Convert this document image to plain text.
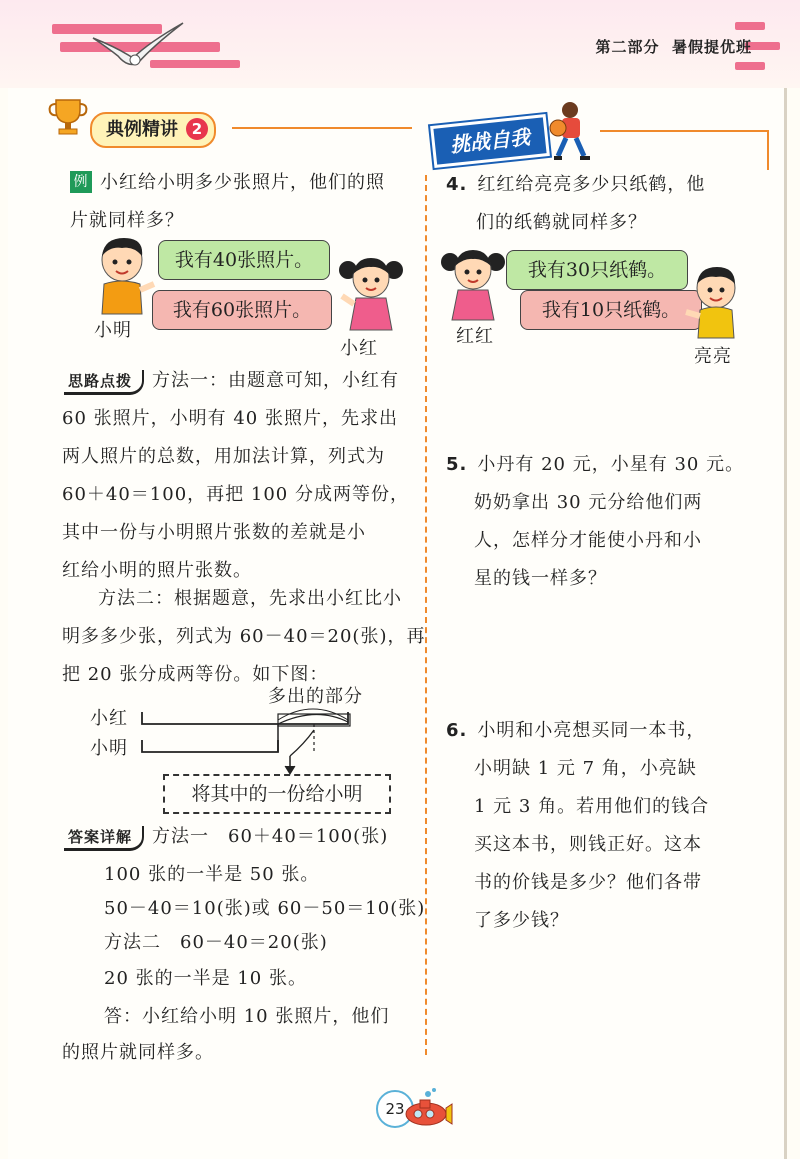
第二部分 暑假提优班
典例精讲 2	挑战自我
例 小红给小明多少张照片，他们的照
片就同样多？
我有40张照片。
我有60张照片。
小明
小红
思路点拨 方法一：由题意可知，小红有
60 张照片，小明有 40 张照片，先求出
两人照片的总数，用加法计算，列式为
60＋40＝100，再把 100 分成两等份，
其中一份与小明照片张数的差就是小
红给小明的照片张数。
方法二：根据题意，先求出小红比小
明多多少张，列式为 60－40＝20(张)，再
把 20 张分成两等份。如下图：
多出的部分
小红
小明
将其中的一份给小明
答案详解 方法一　60＋40＝100(张)
100 张的一半是 50 张。
50－40＝10(张)或 60－50＝10(张)
方法二　60－40＝20(张)
20 张的一半是 10 张。
答：小红给小明 10 张照片，他们
的照片就同样多。
4. 红红给亮亮多少只纸鹤，他
们的纸鹤就同样多？
我有30只纸鹤。
我有10只纸鹤。
红红
亮亮
5. 小丹有 20 元，小星有 30 元。
奶奶拿出 30 元分给他们两
人，怎样分才能使小丹和小
星的钱一样多？
6. 小明和小亮想买同一本书，
小明缺 1 元 7 角，小亮缺
1 元 3 角。若用他们的钱合
买这本书，则钱正好。这本
书的价钱是多少？他们各带
了多少钱？
23
